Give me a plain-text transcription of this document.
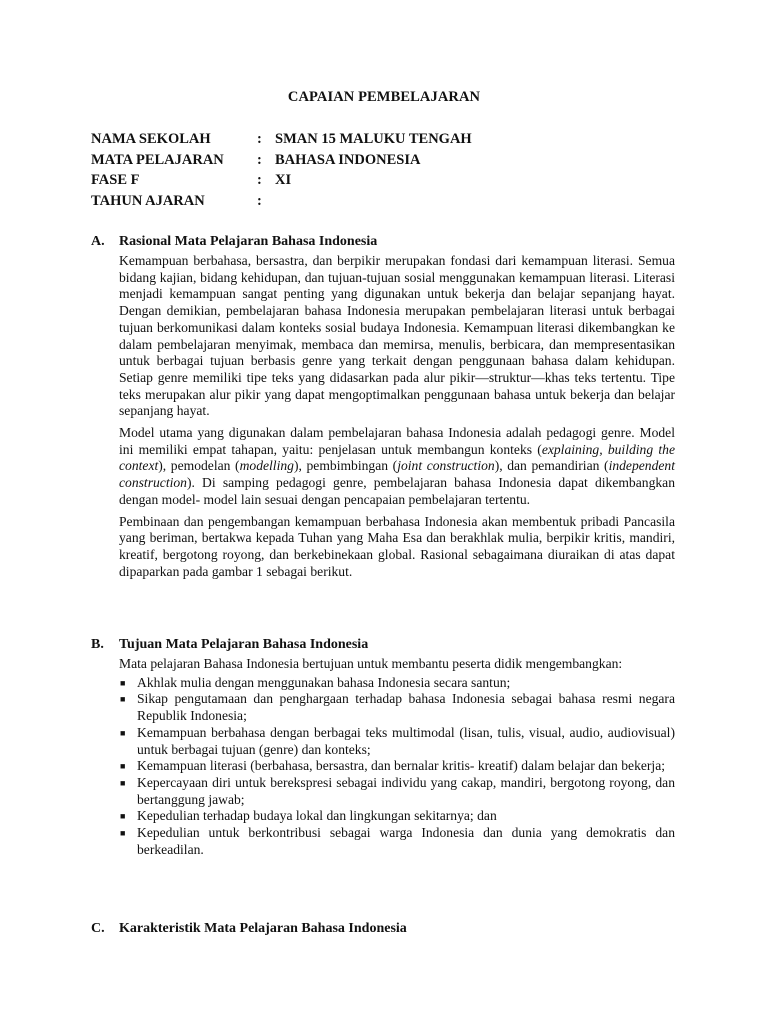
CAPAIAN PEMBELAJARAN
NAMA SEKOLAH	: SMAN 15 MALUKU TENGAH
MATA PELAJARAN	: BAHASA INDONESIA
FASE F	: XI
TAHUN AJARAN	:
A.	Rasional Mata Pelajaran Bahasa Indonesia

Kemampuan berbahasa, bersastra, dan berpikir merupakan fondasi dari kemampuan literasi. Semua bidang kajian, bidang kehidupan, dan tujuan-tujuan sosial menggunakan kemampuan literasi. Literasi menjadi kemampuan sangat penting yang digunakan untuk bekerja dan belajar sepanjang hayat. Dengan demikian, pembelajaran bahasa Indonesia merupakan pembelajaran literasi untuk berbagai tujuan berkomunikasi dalam konteks sosial budaya Indonesia. Kemampuan literasi dikembangkan ke dalam pembelajaran menyimak, membaca dan memirsa, menulis, berbicara, dan mempresentasikan untuk berbagai tujuan berbasis genre yang terkait dengan penggunaan bahasa dalam kehidupan. Setiap genre memiliki tipe teks yang didasarkan pada alur pikir—struktur—khas teks tertentu. Tipe teks merupakan alur pikir yang dapat mengoptimalkan penggunaan bahasa untuk bekerja dan belajar sepanjang hayat.

Model utama yang digunakan dalam pembelajaran bahasa Indonesia adalah pedagogi genre. Model ini memiliki empat tahapan, yaitu: penjelasan untuk membangun konteks (explaining, building the context), pemodelan (modelling), pembimbingan (joint construction), dan pemandirian (independent construction). Di samping pedagogi genre, pembelajaran bahasa Indonesia dapat dikembangkan dengan model- model lain sesuai dengan pencapaian pembelajaran tertentu.

Pembinaan dan pengembangan kemampuan berbahasa Indonesia akan membentuk pribadi Pancasila yang beriman, bertakwa kepada Tuhan yang Maha Esa dan berakhlak mulia, berpikir kritis, mandiri, kreatif, bergotong royong, dan berkebinekaan global. Rasional sebagaimana diuraikan di atas dapat dipaparkan pada gambar 1 sebagai berikut.

B.	Tujuan Mata Pelajaran Bahasa Indonesia

Mata pelajaran Bahasa Indonesia bertujuan untuk membantu peserta didik mengembangkan:

■ Akhlak mulia dengan menggunakan bahasa Indonesia secara santun;
■ Sikap pengutamaan dan penghargaan terhadap bahasa Indonesia sebagai bahasa resmi negara Republik Indonesia;
■ Kemampuan berbahasa dengan berbagai teks multimodal (lisan, tulis, visual, audio, audiovisual) untuk berbagai tujuan (genre) dan konteks;
■ Kemampuan literasi (berbahasa, bersastra, dan bernalar kritis- kreatif) dalam belajar dan bekerja;
■ Kepercayaan diri untuk berekspresi sebagai individu yang cakap, mandiri, bergotong royong, dan bertanggung jawab;
■ Kepedulian terhadap budaya lokal dan lingkungan sekitarnya; dan
■ Kepedulian untuk berkontribusi sebagai warga Indonesia dan dunia yang demokratis dan berkeadilan.
C.	Karakteristik Mata Pelajaran Bahasa Indonesia
